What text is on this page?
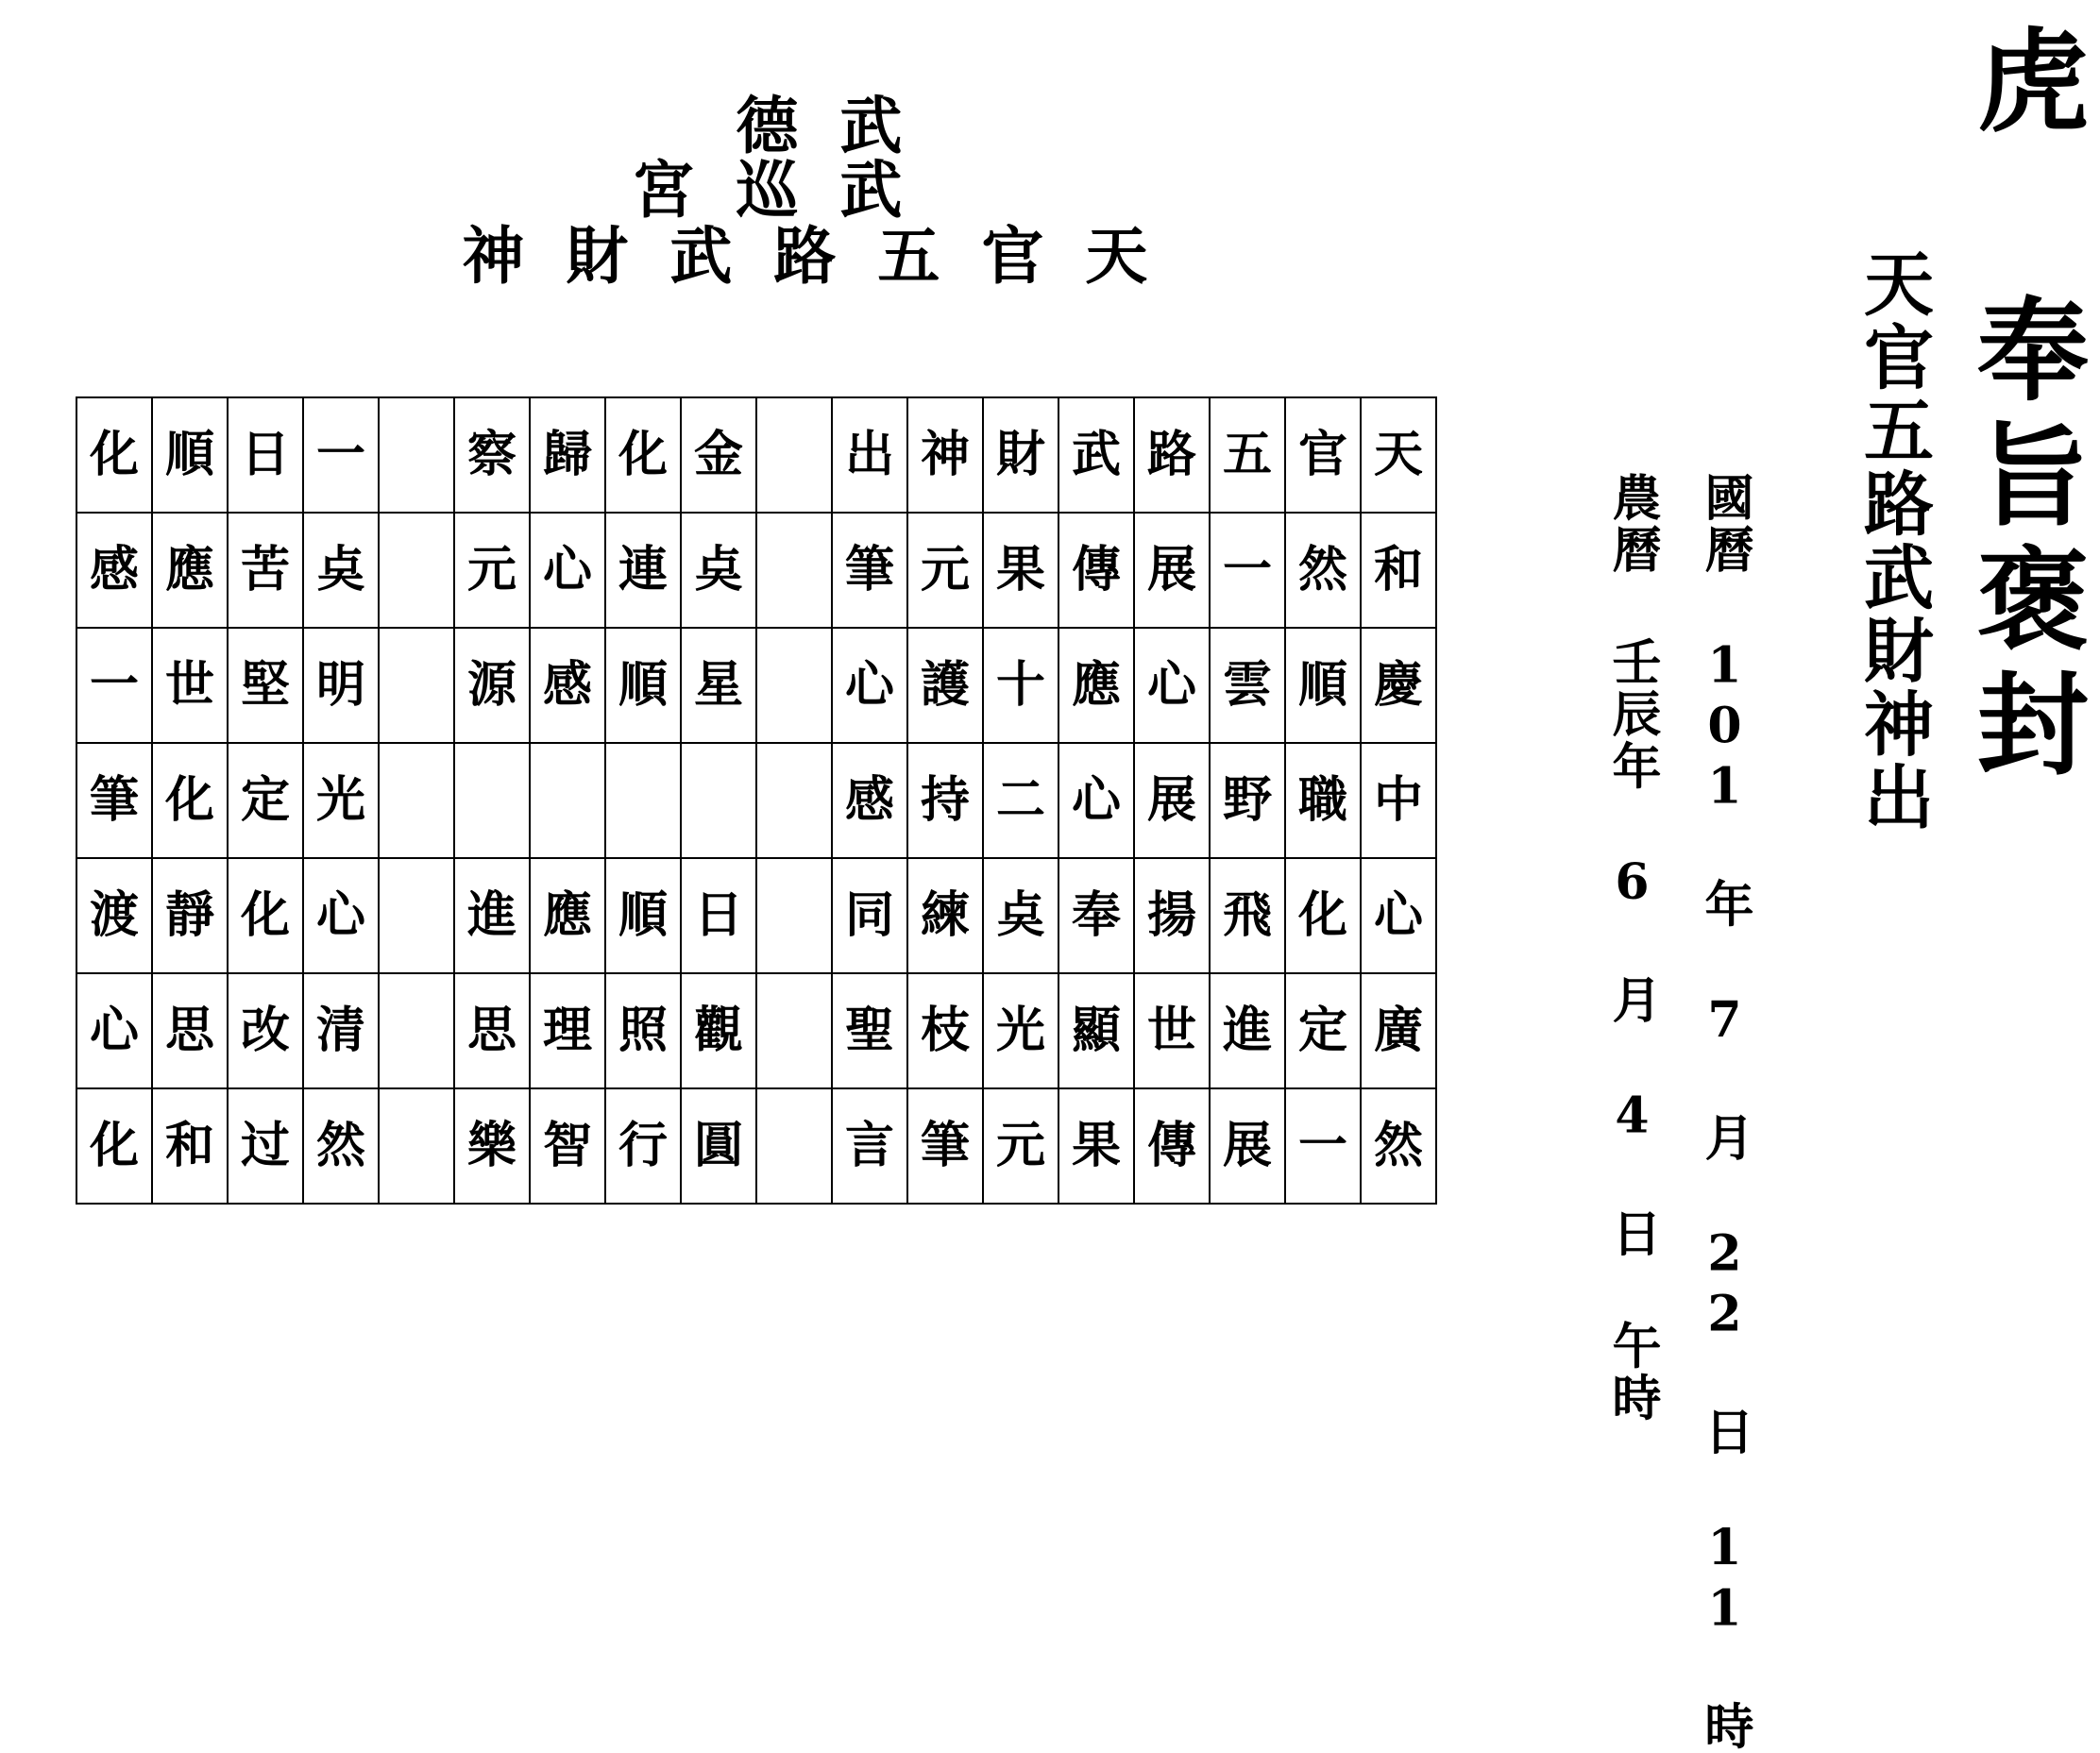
德 武
宮 巡 武
神 財 武 路 五 官 天
化	順	日	一		察	歸	化	金		出	神	財	武	路	五	官	天
感	應	苦	奌		元	心	連	奌		筆	元	果	傳	展	一	然	和
一	世	堅	明		源	感	順	星		心	護	十	應	心	雲	順	慶
筆	化	定	光							感	持	二	心	展	野	職	中
渡	靜	化	心		進	應	順	日		同	練	奌	奉	揚	飛	化	心
心	思	改	清		思	理	照	觀		聖	枝	光	顯	世	進	定	廣
化	和	过	然		樂	智	行	圓		言	筆	元	果	傳	展	一	然
虎 奉旨褒封
天官五路武財神出
國曆 101 年 7 月 22 日 11 時
農曆 壬辰年 6 月 4 日 午時
